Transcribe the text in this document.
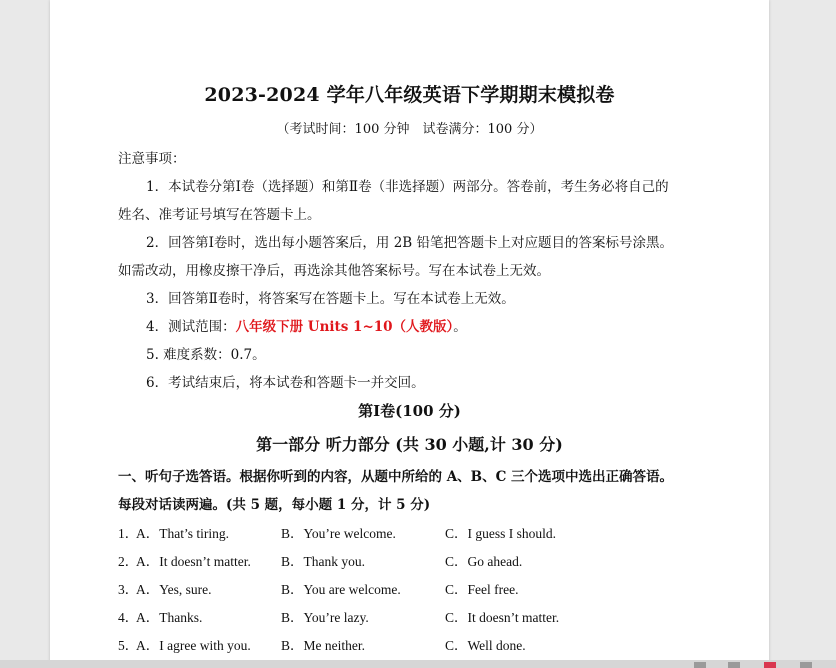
2023-2024 学年八年级英语下学期期末模拟卷
（考试时间：100 分钟　试卷满分：100 分）
注意事项：
1．本试卷分第Ⅰ卷（选择题）和第Ⅱ卷（非选择题）两部分。答卷前，考生务必将自己的
姓名、准考证号填写在答题卡上。
2．回答第Ⅰ卷时，选出每小题答案后，用 2B 铅笔把答题卡上对应题目的答案标号涂黑。
如需改动，用橡皮擦干净后，再选涂其他答案标号。写在本试卷上无效。
3．回答第Ⅱ卷时，将答案写在答题卡上。写在本试卷上无效。
4．测试范围：八年级下册 Units 1~10（人教版）。
5. 难度系数：0.7。
6．考试结束后，将本试卷和答题卡一并交回。
第Ⅰ卷(100 分)
第一部分 听力部分 (共 30 小题,计 30 分)
一、听句子选答语。根据你听到的内容，从题中所给的 A、B、C 三个选项中选出正确答语。
每段对话读两遍。(共 5 题，每小题 1 分，计 5 分)
1．
A．That’s tiring.	B．You’re welcome.	C．I guess I should.
2．
A．It doesn’t matter. B．Thank you.	C．Go ahead.
3．
A．Yes, sure.	B．You are welcome.	C．Feel free.
4．
A．Thanks.	B．You’re lazy.	C．It doesn’t matter.
5．
A．I agree with you. B．Me neither.	C．Well done.
